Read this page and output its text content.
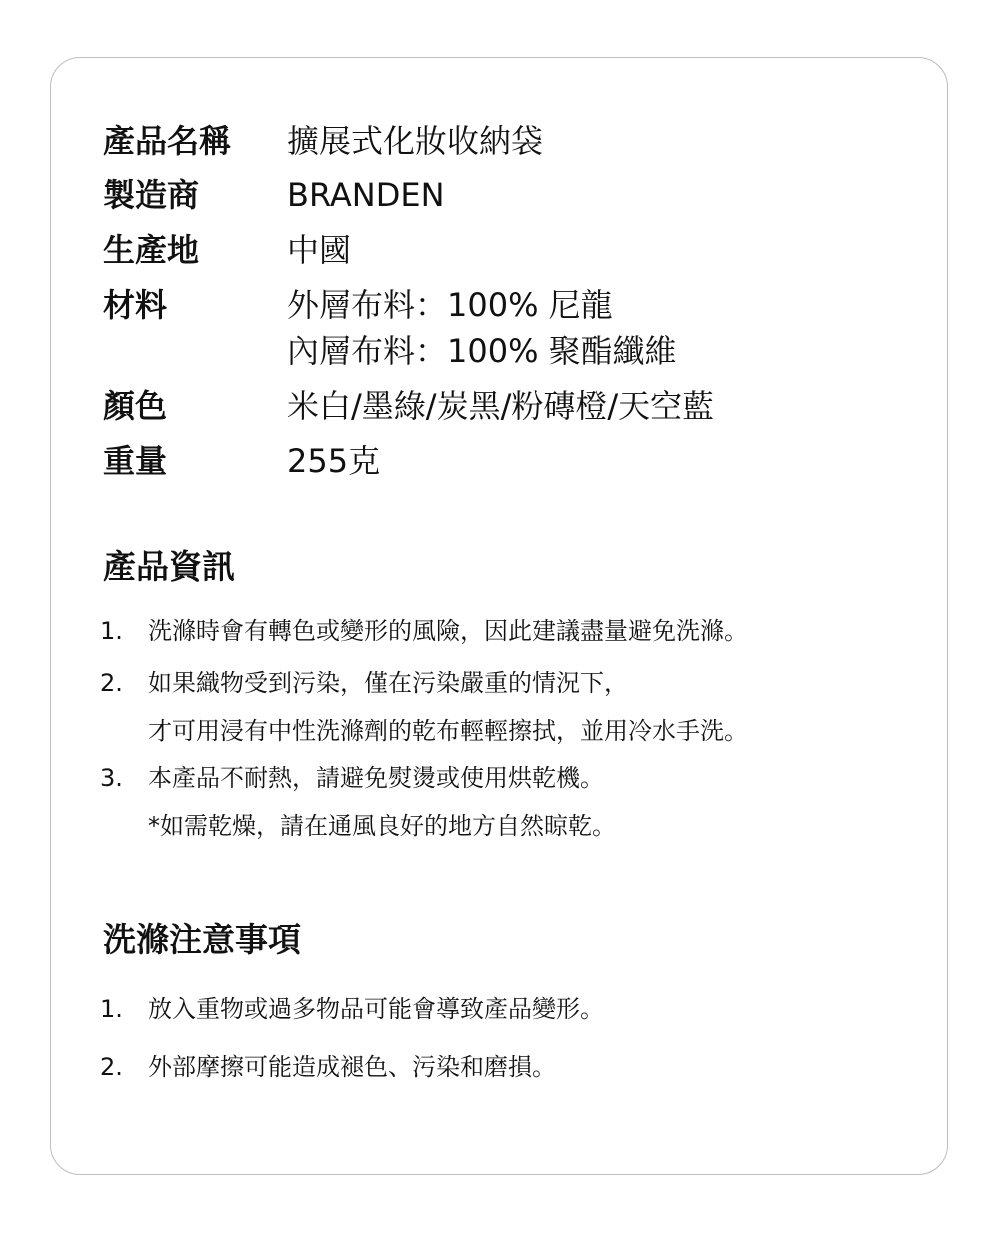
產品名稱 擴展式化妝收納袋
製造商	BRANDEN
生產地	中國
材料	外層布料：100% 尼龍
內層布料：100% 聚酯纖維
顏色	米白/墨綠/炭黑/粉磚橙/天空藍
重量	255克
產品資訊
1.	洗滌時會有轉色或變形的風險，因此建議盡量避免洗滌。
2.	如果織物受到污染，僅在污染嚴重的情況下，
才可用浸有中性洗滌劑的乾布輕輕擦拭，並用冷水手洗。
3.	本產品不耐熱，請避免熨燙或使用烘乾機。
*如需乾燥，請在通風良好的地方自然晾乾。
洗滌注意事項
1.	放入重物或過多物品可能會導致產品變形。
2.	外部摩擦可能造成褪色、污染和磨損。
